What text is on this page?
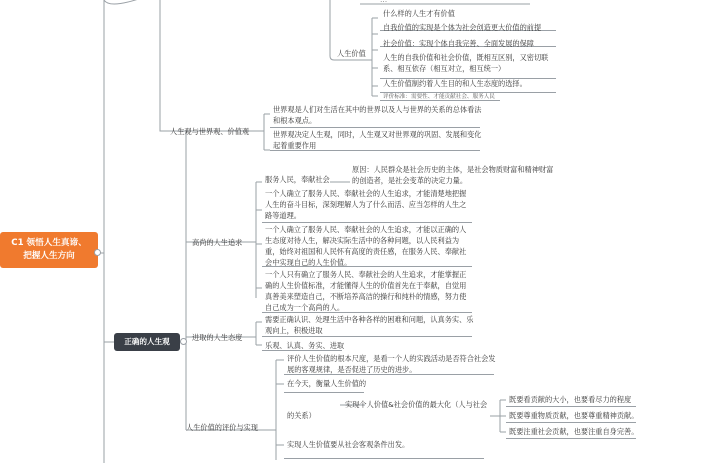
人生价值
什么样的人生才有价值
自我价值的实现是个体为社会创造更大价值的前提
社会价值：实现个体自我完善、全面发展的保障
人生的自我价值和社会价值，既相互区别，又密切联系、相互依存（相互对立，相互统一）
人生价值制约着人生目的和人生态度的选择。
评价标准：需要性、才能贡献社会、服务人民
人生观与世界观、价值观
世界观是人们对生活在其中的世界以及人与世界的关系的总体看法和根本观点。
世界观决定人生观，同时，人生观又对世界观的巩固、发展和变化起着重要作用
C1 领悟人生真谛、
把握人生方向
正确的人生观
高尚的人生追求
服务人民，奉献社会
原因：人民群众是社会历史的主体，是社会物质财富和精神财富的创造者，是社会变革的决定力量。
一个人确立了服务人民、奉献社会的人生追求，才能清楚地把握人生的奋斗目标，深刻理解人为了什么而活、应当怎样的人生之路等道理。
一个人确立了服务人民、奉献社会的人生追求，才能以正确的人生态度对待人生，解决实际生活中的各种问题，以人民利益为重，始终对祖国和人民怀有高度的责任感，在服务人民、奉献社会中实现自己的人生价值。
一个人只有确立了服务人民、奉献社会的人生追求，才能掌握正确的人生价值标准，才能懂得人生的价值首先在于奉献，自觉用真善美来塑造自己，不断培养高洁的操行和纯朴的情感，努力使自己成为一个高尚的人。
进取的人生态度
需要正确认识、处理生活中各种各样的困难和问题，认真务实、乐观向上，积极进取
乐观、认真、务实、进取
人生价值的评价与实现
评价人生价值的根本尺度，是看一个人的实践活动是否符合社会发展的客观规律，是否促进了历史的进步。
在今天，衡量人生价值的
实现个人价值&社会价值的最大化（人与社会的关系）
实现人生价值要从社会客观条件出发。
既要看贡献的大小，也要看尽力的程度
既要尊重物质贡献，也要尊重精神贡献。
既要注重社会贡献，也要注重自身完善。
